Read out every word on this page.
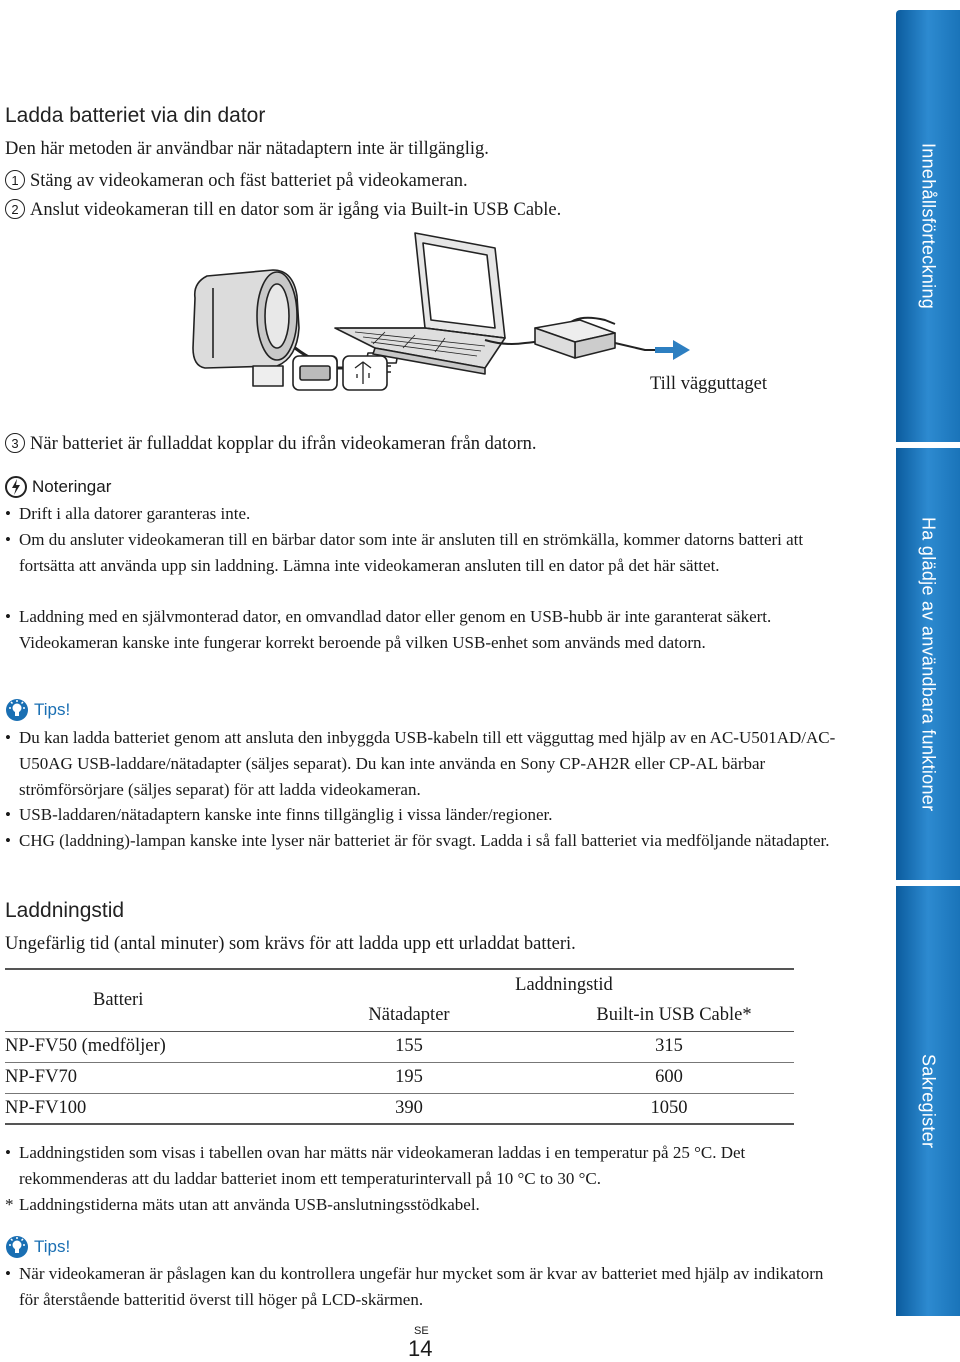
Ladda batteriet via din dator
Den här metoden är användbar när nätadaptern inte är tillgänglig.
1 Stäng av videokameran och fäst batteriet på videokameran.
2 Anslut videokameran till en dator som är igång via Built-in USB Cable.
Till vägguttaget
3 När batteriet är fulladdat kopplar du ifrån videokameran från datorn.
Noteringar
• Drift i alla datorer garanteras inte.
• Om du ansluter videokameran till en bärbar dator som inte är ansluten till en strömkälla, kommer datorns batteri att fortsätta att använda upp sin laddning. Lämna inte videokameran ansluten till en dator på det här sättet.
• Laddning med en självmonterad dator, en omvandlad dator eller genom en USB-hubb är inte garanterat säkert. Videokameran kanske inte fungerar korrekt beroende på vilken USB-enhet som används med datorn.
Tips!
• Du kan ladda batteriet genom att ansluta den inbyggda USB-kabeln till ett vägguttag med hjälp av en AC-U501AD/AC-U50AG USB-laddare/nätadapter (säljes separat). Du kan inte använda en Sony CP-AH2R eller CP-AL bärbar strömförsörjare (säljes separat) för att ladda videokameran.
• USB-laddaren/nätadaptern kanske inte finns tillgänglig i vissa länder/regioner.
• CHG (laddning)-lampan kanske inte lyser när batteriet är för svagt. Ladda i så fall batteriet via medföljande nätadapter.
Laddningstid
Ungefärlig tid (antal minuter) som krävs för att ladda upp ett urladdat batteri.
Batteri	Laddningstid	
	Nätadapter	Built-in USB Cable*
NP-FV50 (medföljer)	155	315
NP-FV70	195	600
NP-FV100	390	1050
• Laddningstiden som visas i tabellen ovan har mätts när videokameran laddas i en temperatur på 25 °C. Det rekommenderas att du laddar batteriet inom ett temperaturintervall på 10 °C to 30 °C.
* Laddningstiderna mäts utan att använda USB-anslutningsstödkabel.
Tips!
• När videokameran är påslagen kan du kontrollera ungefär hur mycket som är kvar av batteriet med hjälp av indikatorn för återstående batteritid överst till höger på LCD-skärmen.
SE
14
Innehållsförteckning
Ha glädje av användbara funktioner
Sakregister
